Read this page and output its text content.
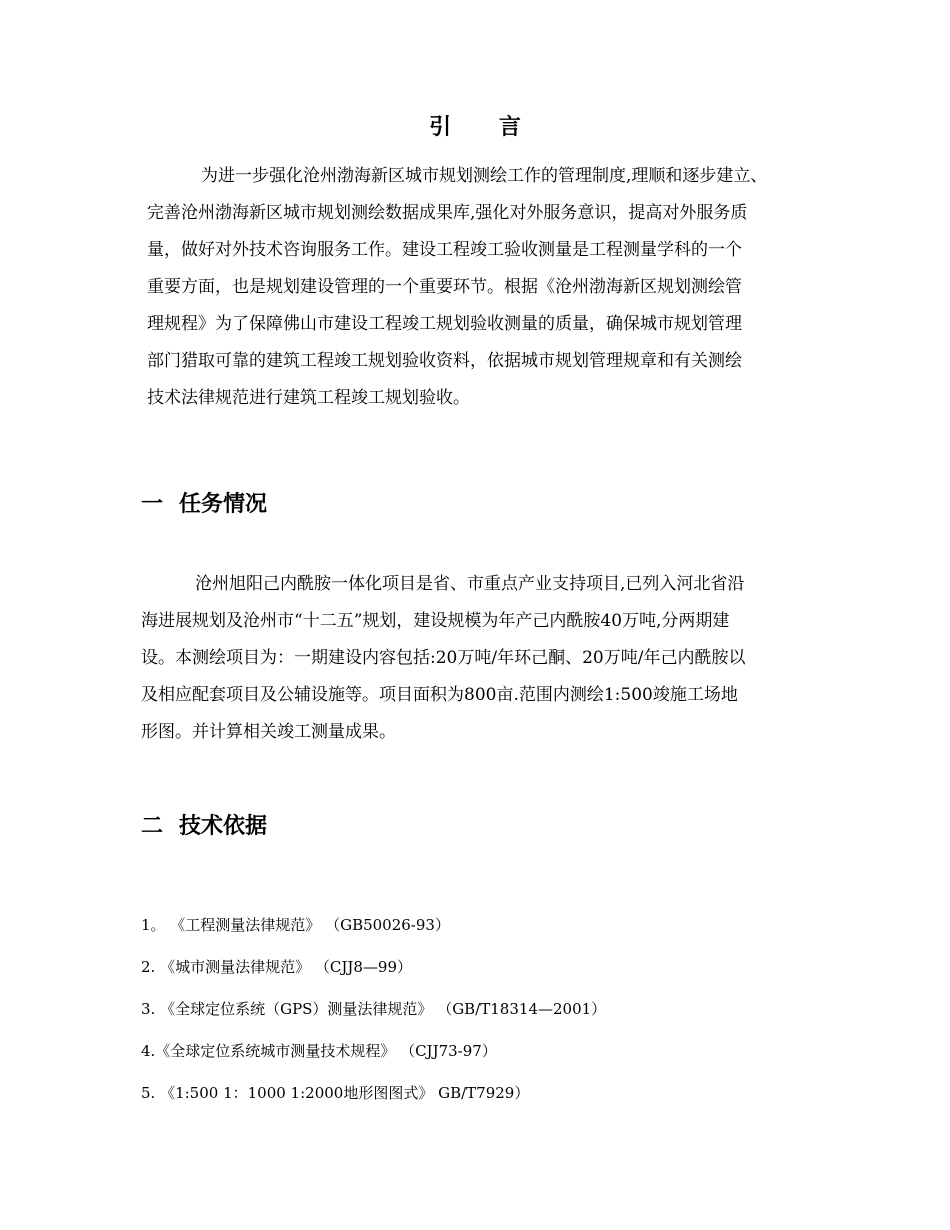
引 言

为进一步强化沧州渤海新区城市规划测绘工作的管理制度,理顺和逐步建立、
完善沧州渤海新区城市规划测绘数据成果库,强化对外服务意识，提高对外服务质
量，做好对外技术咨询服务工作。建设工程竣工验收测量是工程测量学科的一个
重要方面，也是规划建设管理的一个重要环节。根据《沧州渤海新区规划测绘管
理规程》为了保障佛山市建设工程竣工规划验收测量的质量，确保城市规划管理
部门猎取可靠的建筑工程竣工规划验收资料，依据城市规划管理规章和有关测绘
技术法律规范进行建筑工程竣工规划验收。

一 任务情况

沧州旭阳己内酰胺一体化项目是省、市重点产业支持项目,已列入河北省沿
海进展规划及沧州市“十二五”规划，建设规模为年产己内酰胺40万吨,分两期建
设。本测绘项目为：一期建设内容包括:20万吨/年环己酮、20万吨/年己内酰胺以
及相应配套项目及公辅设施等。项目面积为800亩.范围内测绘1:500竣施工场地
形图。并计算相关竣工测量成果。

二 技术依据
1。 《工程测量法律规范》 （GB50026-93）
2. 《城市测量法律规范》 （CJJ8—99）
3. 《全球定位系统（GPS）测量法律规范》 （GB/T18314—2001）
4.《全球定位系统城市测量技术规程》 （CJJ73-97）
5. 《1:500 1：1000 1:2000地形图图式》 GB/T7929）
